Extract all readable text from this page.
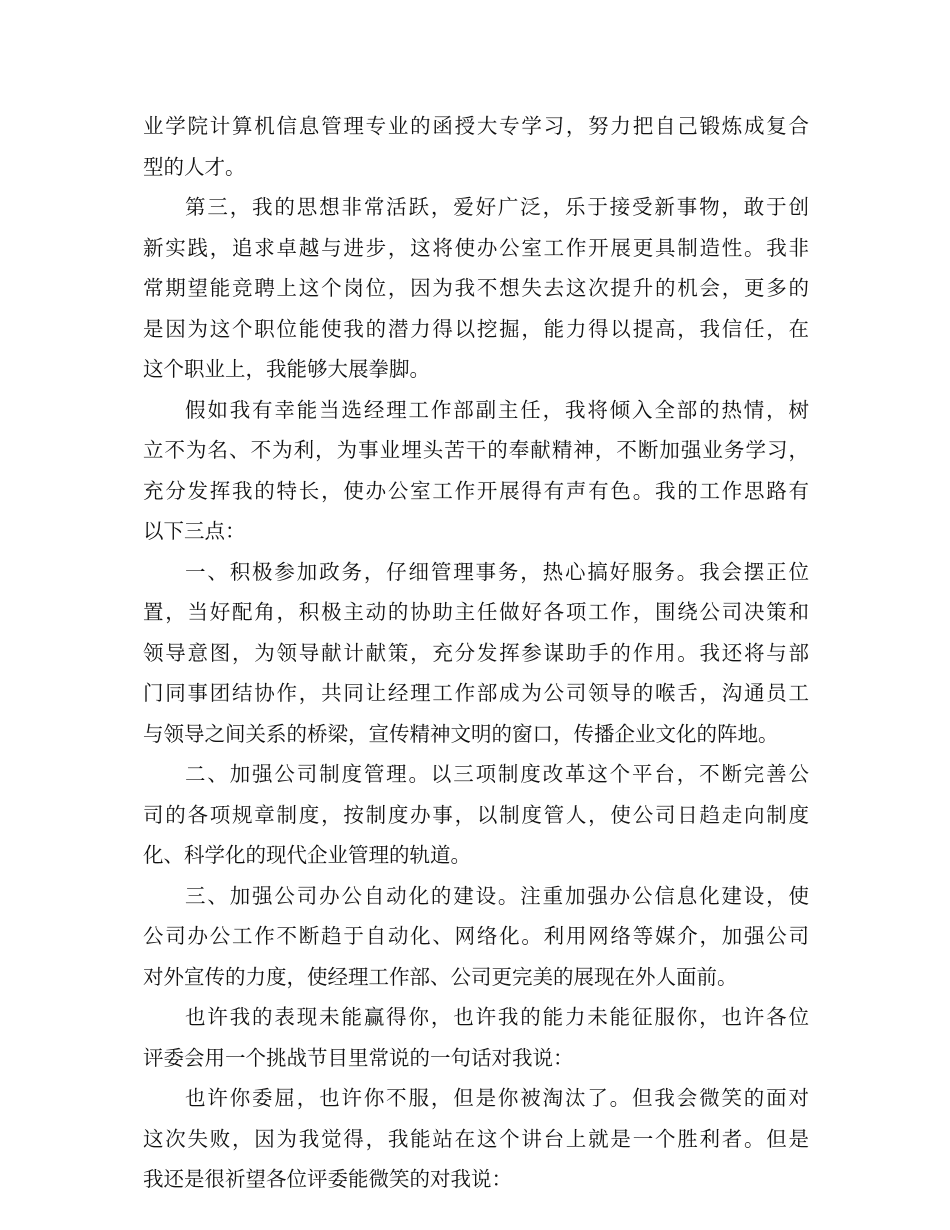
业学院计算机信息管理专业的函授大专学习，努力把自己锻炼成复合
型的人才。
第三，我的思想非常活跃，爱好广泛，乐于接受新事物，敢于创
新实践，追求卓越与进步，这将使办公室工作开展更具制造性。我非
常期望能竞聘上这个岗位，因为我不想失去这次提升的机会，更多的
是因为这个职位能使我的潜力得以挖掘，能力得以提高，我信任，在
这个职业上，我能够大展拳脚。
假如我有幸能当选经理工作部副主任，我将倾入全部的热情，树
立不为名、不为利，为事业埋头苦干的奉献精神，不断加强业务学习，
充分发挥我的特长，使办公室工作开展得有声有色。我的工作思路有
以下三点：
一、积极参加政务，仔细管理事务，热心搞好服务。我会摆正位
置，当好配角，积极主动的协助主任做好各项工作，围绕公司决策和
领导意图，为领导献计献策，充分发挥参谋助手的作用。我还将与部
门同事团结协作，共同让经理工作部成为公司领导的喉舌，沟通员工
与领导之间关系的桥梁，宣传精神文明的窗口，传播企业文化的阵地。
二、加强公司制度管理。以三项制度改革这个平台，不断完善公
司的各项规章制度，按制度办事，以制度管人，使公司日趋走向制度
化、科学化的现代企业管理的轨道。
三、加强公司办公自动化的建设。注重加强办公信息化建设，使
公司办公工作不断趋于自动化、网络化。利用网络等媒介，加强公司
对外宣传的力度，使经理工作部、公司更完美的展现在外人面前。
也许我的表现未能赢得你，也许我的能力未能征服你，也许各位
评委会用一个挑战节目里常说的一句话对我说：
也许你委屈，也许你不服，但是你被淘汰了。但我会微笑的面对
这次失败，因为我觉得，我能站在这个讲台上就是一个胜利者。但是
我还是很祈望各位评委能微笑的对我说：
